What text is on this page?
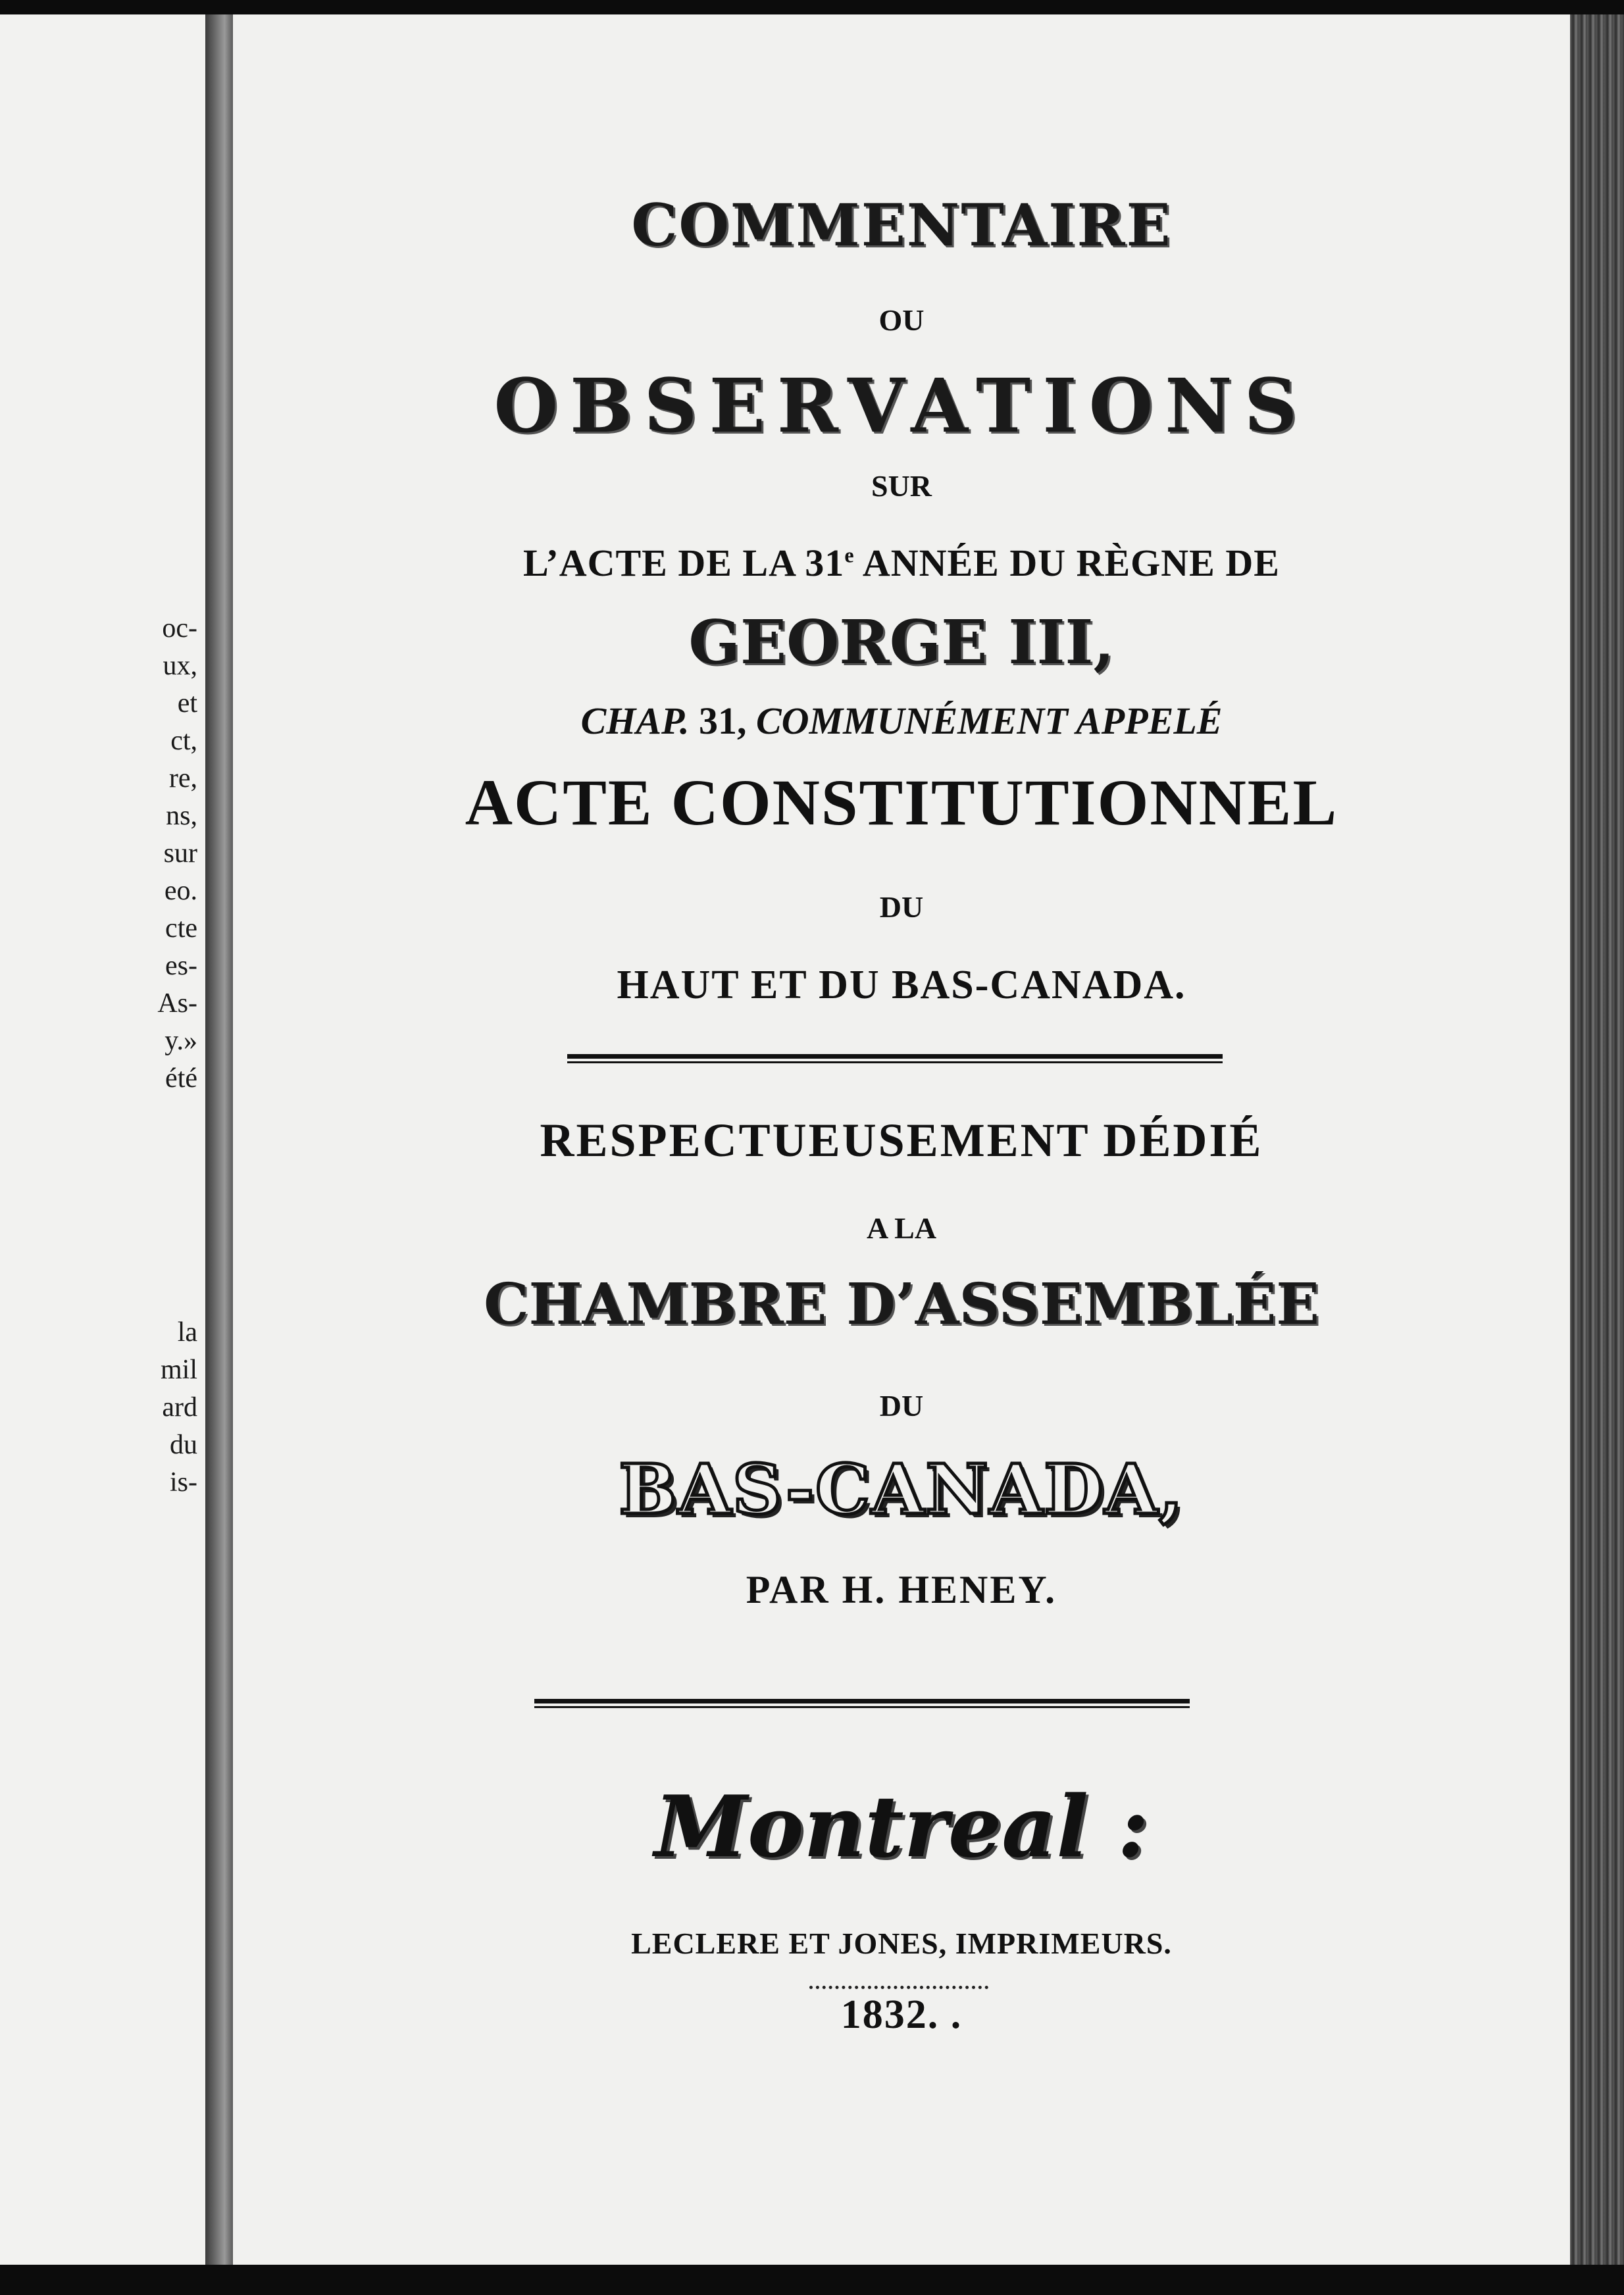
oc-
ux,
et
ct,
re,
ns,
sur
eo.
cte
es-
As-
y.»
été
la
mil
ard
du
is-

COMMENTAIRE

OU

OBSERVATIONS

SUR

L’ACTE DE LA 31e ANNÉE DU RÈGNE DE

GEORGE III,

CHAP. 31, COMMUNÉMENT APPELÉ

ACTE CONSTITUTIONNEL

DU

HAUT ET DU BAS-CANADA.

RESPECTUEUSEMENT DÉDIÉ

A LA

CHAMBRE D’ASSEMBLÉE

DU

BAS-CANADA,

PAR H. HENEY.

Montreal :

LECLERE ET JONES, IMPRIMEURS.

1832. .
